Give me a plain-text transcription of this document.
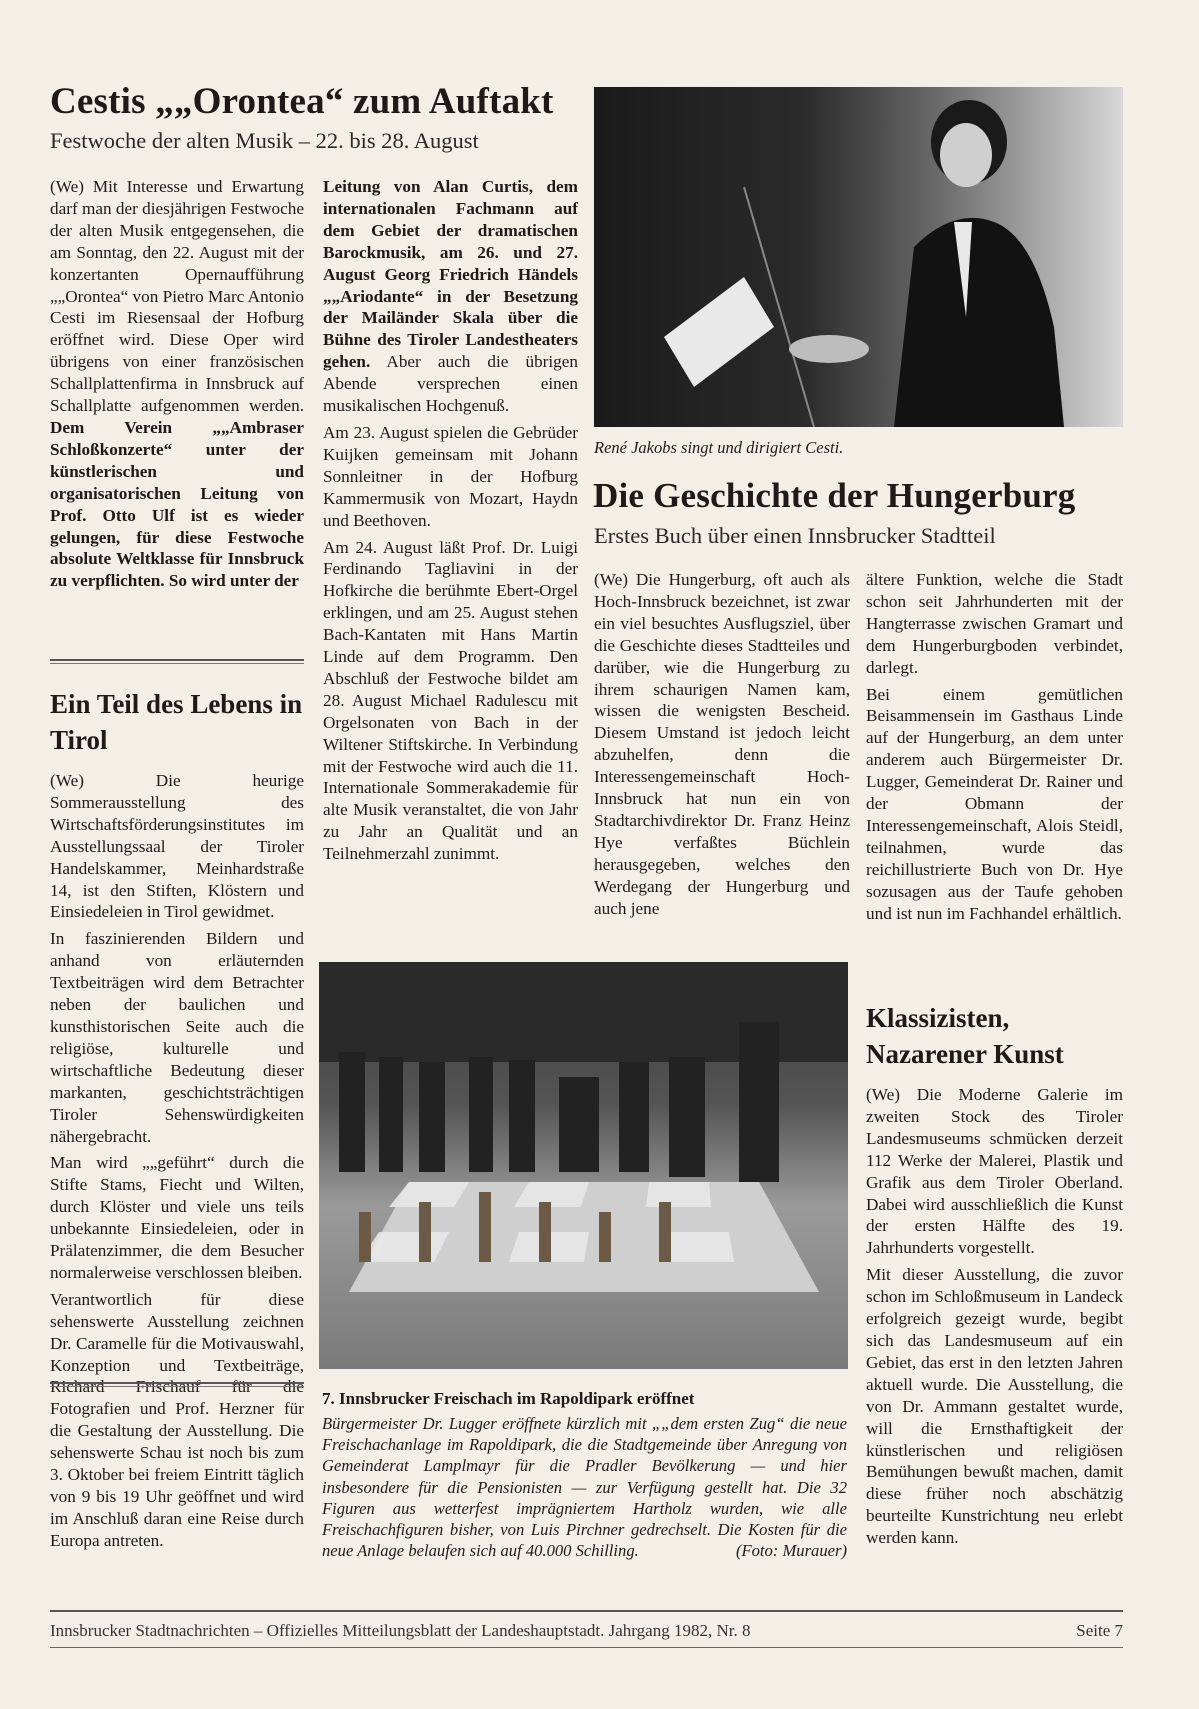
Cestis „„Orontea“ zum Auftakt
Festwoche der alten Musik – 22. bis 28. August

(We) Mit Interesse und Erwartung darf man der diesjährigen Festwoche der alten Musik entgegensehen, die am Sonntag, den 22. August mit der konzertanten Opernaufführung „„Orontea“ von Pietro Marc Antonio Cesti im Riesensaal der Hofburg eröffnet wird. Diese Oper wird übrigens von einer französischen Schallplattenfirma in Innsbruck auf Schallplatte aufgenommen werden. Dem Verein „„Ambraser Schloßkonzerte“ unter der künstlerischen und organisatorischen Leitung von Prof. Otto Ulf ist es wieder gelungen, für diese Festwoche absolute Weltklasse für Innsbruck zu verpflichten. So wird unter der

Leitung von Alan Curtis, dem internationalen Fachmann auf dem Gebiet der dramatischen Barockmusik, am 26. und 27. August Georg Friedrich Händels „„Ariodante“ in der Besetzung der Mailänder Skala über die Bühne des Tiroler Landestheaters gehen. Aber auch die übrigen Abende versprechen einen musikalischen Hochgenuß.

Am 23. August spielen die Gebrüder Kuijken gemeinsam mit Johann Sonnleitner in der Hofburg Kammermusik von Mozart, Haydn und Beethoven.

Am 24. August läßt Prof. Dr. Luigi Ferdinando Tagliavini in der Hofkirche die berühmte Ebert-Orgel erklingen, und am 25. August stehen Bach-Kantaten mit Hans Martin Linde auf dem Programm. Den Abschluß der Festwoche bildet am 28. August Michael Radulescu mit Orgelsonaten von Bach in der Wiltener Stiftskirche. In Verbindung mit der Festwoche wird auch die 11. Internationale Sommerakademie für alte Musik veranstaltet, die von Jahr zu Jahr an Qualität und an Teilnehmerzahl zunimmt.

René Jakobs singt und dirigiert Cesti.
Die Geschichte der Hungerburg
Erstes Buch über einen Innsbrucker Stadtteil

(We) Die Hungerburg, oft auch als Hoch-Innsbruck bezeichnet, ist zwar ein viel besuchtes Ausflugsziel, über die Geschichte dieses Stadtteiles und darüber, wie die Hungerburg zu ihrem schaurigen Namen kam, wissen die wenigsten Bescheid. Diesem Umstand ist jedoch leicht abzuhelfen, denn die Interessengemeinschaft Hoch-Innsbruck hat nun ein von Stadtarchivdirektor Dr. Franz Heinz Hye verfaßtes Büchlein herausgegeben, welches den Werdegang der Hungerburg und auch jene

ältere Funktion, welche die Stadt schon seit Jahrhunderten mit der Hangterrasse zwischen Gramart und dem Hungerburgboden verbindet, darlegt.

Bei einem gemütlichen Beisammensein im Gasthaus Linde auf der Hungerburg, an dem unter anderem auch Bürgermeister Dr. Lugger, Gemeinderat Dr. Rainer und der Obmann der Interessengemeinschaft, Alois Steidl, teilnahmen, wurde das reichillustrierte Buch von Dr. Hye sozusagen aus der Taufe gehoben und ist nun im Fachhandel erhältlich.

Ein Teil des Lebens in Tirol

(We) Die heurige Sommerausstellung des Wirtschaftsförderungsinstitutes im Ausstellungssaal der Tiroler Handelskammer, Meinhardstraße 14, ist den Stiften, Klöstern und Einsiedeleien in Tirol gewidmet.

In faszinierenden Bildern und anhand von erläuternden Textbeiträgen wird dem Betrachter neben der baulichen und kunsthistorischen Seite auch die religiöse, kulturelle und wirtschaftliche Bedeutung dieser markanten, geschichtsträchtigen Tiroler Sehenswürdigkeiten nähergebracht.

Man wird „„geführt“ durch die Stifte Stams, Fiecht und Wilten, durch Klöster und viele uns teils unbekannte Einsiedeleien, oder in Prälatenzimmer, die dem Besucher normalerweise verschlossen bleiben.

Verantwortlich für diese sehenswerte Ausstellung zeichnen Dr. Caramelle für die Motivauswahl, Konzeption und Textbeiträge, Richard Frischauf für die Fotografien und Prof. Herzner für die Gestaltung der Ausstellung. Die sehenswerte Schau ist noch bis zum 3. Oktober bei freiem Eintritt täglich von 9 bis 19 Uhr geöffnet und wird im Anschluß daran eine Reise durch Europa antreten.

7. Innsbrucker Freischach im Rapoldipark eröffnet
Bürgermeister Dr. Lugger eröffnete kürzlich mit „„dem ersten Zug“ die neue Freischachanlage im Rapoldipark, die die Stadtgemeinde über Anregung von Gemeinderat Lamplmayr für die Pradler Bevölkerung — und hier insbesondere für die Pensionisten — zur Verfügung gestellt hat. Die 32 Figuren aus wetterfest imprägniertem Hartholz wurden, wie alle Freischachfiguren bisher, von Luis Pirchner gedrechselt. Die Kosten für die neue Anlage belaufen sich auf 40.000 Schilling.	(Foto: Murauer)
Klassizisten, Nazarener Kunst

(We) Die Moderne Galerie im zweiten Stock des Tiroler Landesmuseums schmücken derzeit 112 Werke der Malerei, Plastik und Grafik aus dem Tiroler Oberland. Dabei wird ausschließlich die Kunst der ersten Hälfte des 19. Jahrhunderts vorgestellt.

Mit dieser Ausstellung, die zuvor schon im Schloßmuseum in Landeck erfolgreich gezeigt wurde, begibt sich das Landesmuseum auf ein Gebiet, das erst in den letzten Jahren aktuell wurde. Die Ausstellung, die von Dr. Ammann gestaltet wurde, will die Ernsthaftigkeit der künstlerischen und religiösen Bemühungen bewußt machen, damit diese früher noch abschätzig beurteilte Kunstrichtung neu erlebt werden kann.

Innsbrucker Stadtnachrichten – Offizielles Mitteilungsblatt der Landeshauptstadt. Jahrgang 1982, Nr. 8	Seite 7
